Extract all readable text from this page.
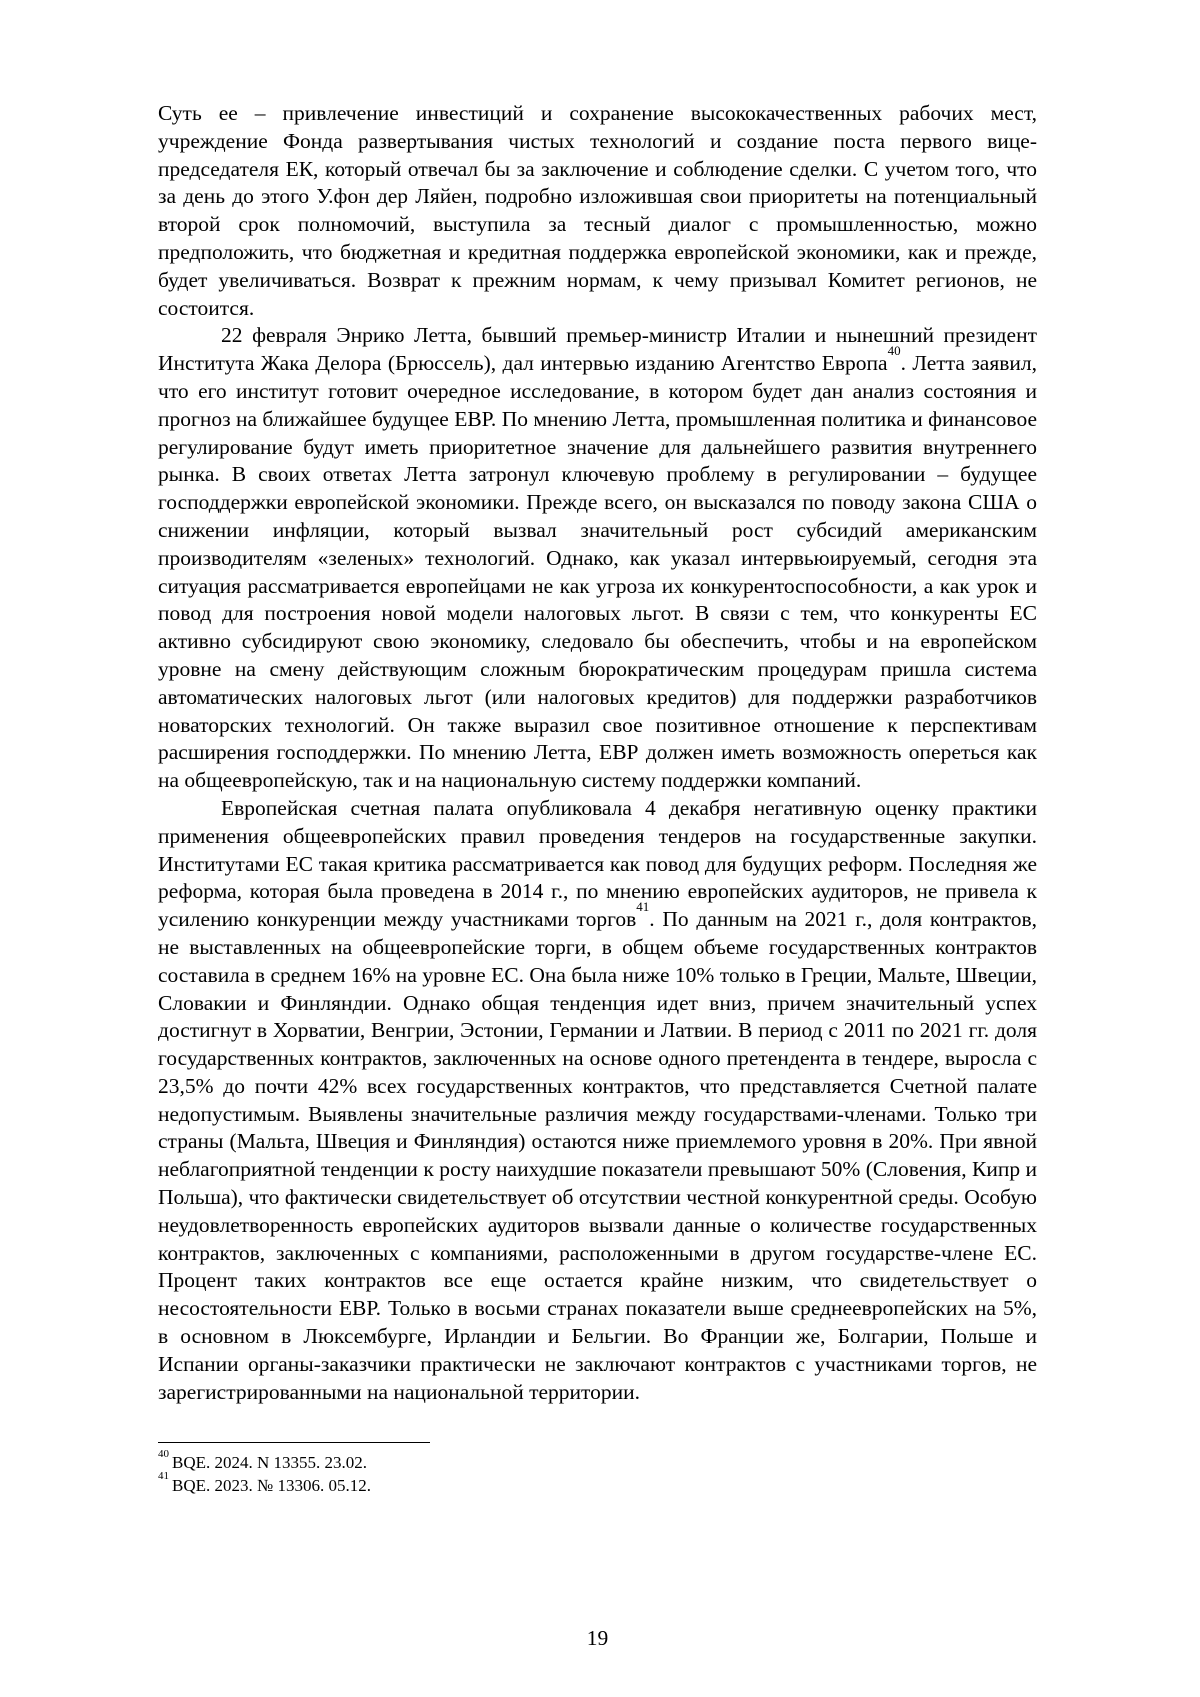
Суть ее – привлечение инвестиций и сохранение высококачественных рабочих мест, учреждение Фонда развертывания чистых технологий и создание поста первого вице-председателя ЕК, который отвечал бы за заключение и соблюдение сделки. С учетом того, что за день до этого У.фон дер Ляйен, подробно изложившая свои приоритеты на потенциальный второй срок полномочий, выступила за тесный диалог с промышленностью, можно предположить, что бюджетная и кредитная поддержка европейской экономики, как и прежде, будет увеличиваться. Возврат к прежним нормам, к чему призывал Комитет регионов, не состоится.

22 февраля Энрико Летта, бывший премьер-министр Италии и нынешний президент Института Жака Делора (Брюссель), дал интервью изданию Агентство Европа$^{40}$. Летта заявил, что его институт готовит очередное исследование, в котором будет дан анализ состояния и прогноз на ближайшее будущее ЕВР. По мнению Летта, промышленная политика и финансовое регулирование будут иметь приоритетное значение для дальнейшего развития внутреннего рынка. В своих ответах Летта затронул ключевую проблему в регулировании – будущее господдержки европейской экономики. Прежде всего, он высказался по поводу закона США о снижении инфляции, который вызвал значительный рост субсидий американским производителям «зеленых» технологий. Однако, как указал интервьюируемый, сегодня эта ситуация рассматривается европейцами не как угроза их конкурентоспособности, а как урок и повод для построения новой модели налоговых льгот. В связи с тем, что конкуренты ЕС активно субсидируют свою экономику, следовало бы обеспечить, чтобы и на европейском уровне на смену действующим сложным бюрократическим процедурам пришла система автоматических налоговых льгот (или налоговых кредитов) для поддержки разработчиков новаторских технологий. Он также выразил свое позитивное отношение к перспективам расширения господдержки. По мнению Летта, ЕВР должен иметь возможность опереться как на общеевропейскую, так и на национальную систему поддержки компаний.

Европейская счетная палата опубликовала 4 декабря негативную оценку практики применения общеевропейских правил проведения тендеров на государственные закупки. Институтами ЕС такая критика рассматривается как повод для будущих реформ. Последняя же реформа, которая была проведена в 2014 г., по мнению европейских аудиторов, не привела к усилению конкуренции между участниками торгов$^{41}$. По данным на 2021 г., доля контрактов, не выставленных на общеевропейские торги, в общем объеме государственных контрактов составила в среднем 16% на уровне ЕС. Она была ниже 10% только в Греции, Мальте, Швеции, Словакии и Финляндии. Однако общая тенденция идет вниз, причем значительный успех достигнут в Хорватии, Венгрии, Эстонии, Германии и Латвии. В период с 2011 по 2021 гг. доля государственных контрактов, заключенных на основе одного претендента в тендере, выросла с 23,5% до почти 42% всех государственных контрактов, что представляется Счетной палате недопустимым. Выявлены значительные различия между государствами-членами. Только три страны (Мальта, Швеция и Финляндия) остаются ниже приемлемого уровня в 20%. При явной неблагоприятной тенденции к росту наихудшие показатели превышают 50% (Словения, Кипр и Польша), что фактически свидетельствует об отсутствии честной конкурентной среды. Особую неудовлетворенность европейских аудиторов вызвали данные о количестве государственных контрактов, заключенных с компаниями, расположенными в другом государстве-члене ЕС. Процент таких контрактов все еще остается крайне низким, что свидетельствует о несостоятельности ЕВР. Только в восьми странах показатели выше среднеевропейских на 5%, в основном в Люксембурге, Ирландии и Бельгии. Во Франции же, Болгарии, Польше и Испании органы-заказчики практически не заключают контрактов с участниками торгов, не зарегистрированными на национальной территории.

$^{40}$ BQE. 2024. N 13355. 23.02.
$^{41}$ BQE. 2023. № 13306. 05.12.
19
